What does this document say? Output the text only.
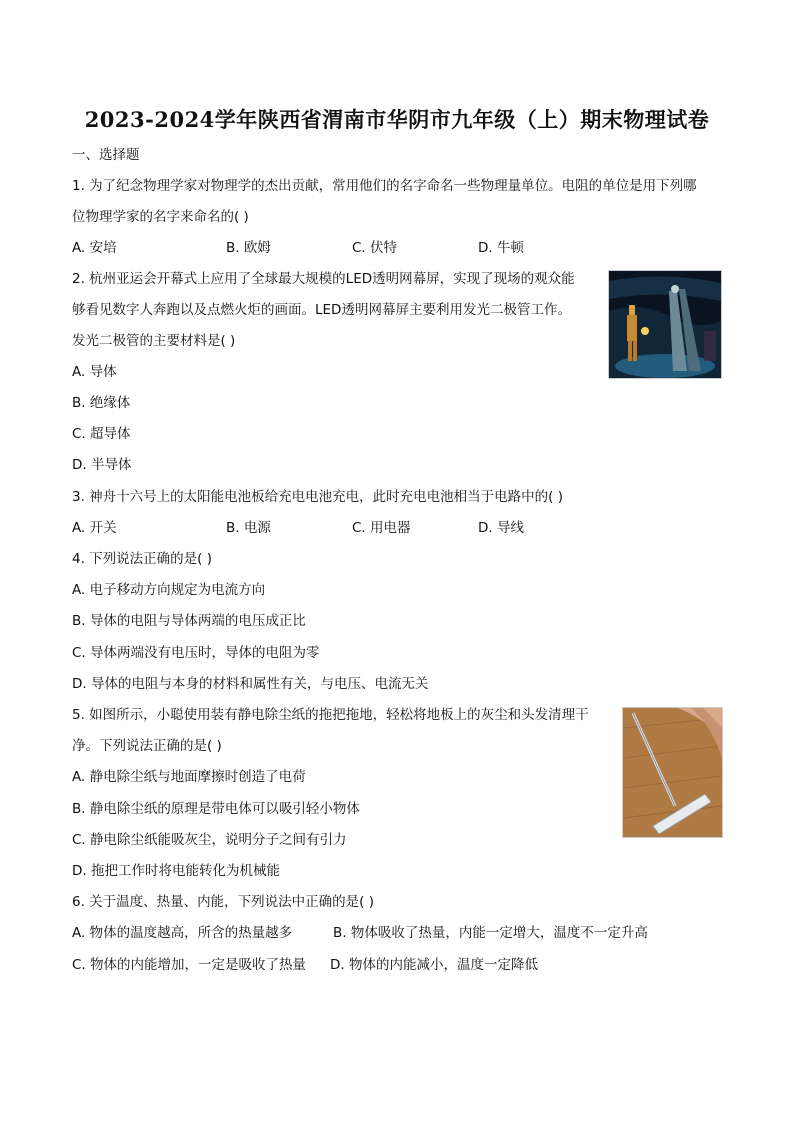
2023-2024学年陕西省渭南市华阴市九年级（上）期末物理试卷
一、选择题
1. 为了纪念物理学家对物理学的杰出贡献，常用他们的名字命名一些物理量单位。电阻的单位是用下列哪
位物理学家的名字来命名的( )
A. 安培	B. 欧姆	C. 伏特	D. 牛顿
2. 杭州亚运会开幕式上应用了全球最大规模的LED透明网幕屏，实现了现场的观众能
够看见数字人奔跑以及点燃火炬的画面。LED透明网幕屏主要利用发光二极管工作。
发光二极管的主要材料是( )
A. 导体
B. 绝缘体
C. 超导体
D. 半导体
3. 神舟十六号上的太阳能电池板给充电电池充电，此时充电电池相当于电路中的( )
A. 开关	B. 电源	C. 用电器	D. 导线
4. 下列说法正确的是( )
A. 电子移动方向规定为电流方向
B. 导体的电阻与导体两端的电压成正比
C. 导体两端没有电压时，导体的电阻为零
D. 导体的电阻与本身的材料和属性有关，与电压、电流无关
5. 如图所示，小聪使用装有静电除尘纸的拖把拖地，轻松将地板上的灰尘和头发清理干
净。下列说法正确的是( )
A. 静电除尘纸与地面摩擦时创造了电荷
B. 静电除尘纸的原理是带电体可以吸引轻小物体
C. 静电除尘纸能吸灰尘，说明分子之间有引力
D. 拖把工作时将电能转化为机械能
6. 关于温度、热量、内能，下列说法中正确的是( )
A. 物体的温度越高，所含的热量越多	B. 物体吸收了热量，内能一定增大，温度不一定升高
C. 物体的内能增加，一定是吸收了热量 D. 物体的内能减小，温度一定降低
